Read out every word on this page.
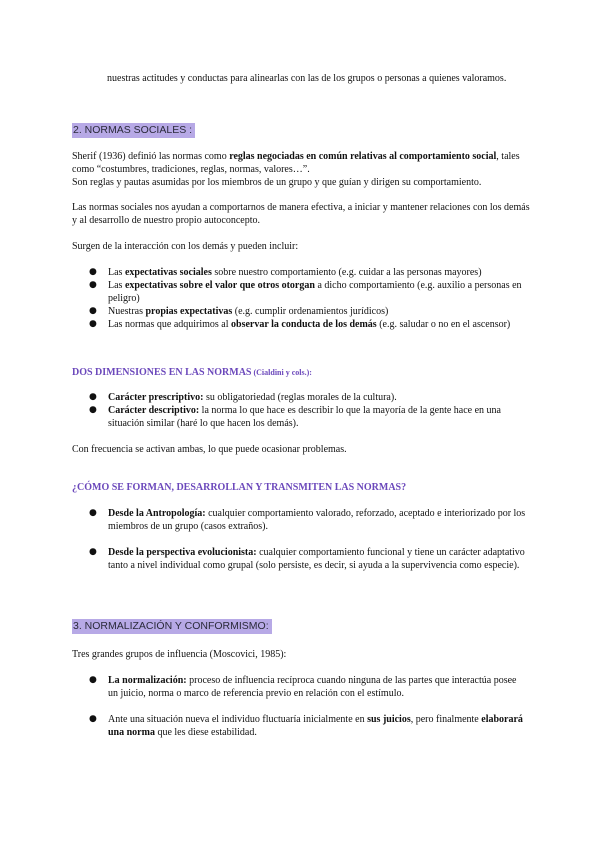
nuestras actitudes y conductas para alinearlas con las de los grupos o personas a quienes valoramos.

2. NORMAS SOCIALES :

Sherif (1936) definió las normas como reglas negociadas en común relativas al comportamiento social, tales como “costumbres, tradiciones, reglas, normas, valores…”.
Son reglas y pautas asumidas por los miembros de un grupo y que guían y dirigen su comportamiento.

Las normas sociales nos ayudan a comportarnos de manera efectiva, a iniciar y mantener relaciones con los demás y al desarrollo de nuestro propio autoconcepto.

Surgen de la interacción con los demás y pueden incluir:

● Las expectativas sociales sobre nuestro comportamiento (e.g. cuidar a las personas mayores)
● Las expectativas sobre el valor que otros otorgan a dicho comportamiento (e.g. auxilio a personas en peligro)
● Nuestras propias expectativas (e.g. cumplir ordenamientos jurídicos)
● Las normas que adquirimos al observar la conducta de los demás (e.g. saludar o no en el ascensor)

DOS DIMENSIONES EN LAS NORMAS (Cialdini y cols.):

● Carácter prescriptivo: su obligatoriedad (reglas morales de la cultura).
● Carácter descriptivo: la norma lo que hace es describir lo que la mayoría de la gente hace en una situación similar (haré lo que hacen los demás).

Con frecuencia se activan ambas, lo que puede ocasionar problemas.

¿CÓMO SE FORMAN, DESARROLLAN Y TRANSMITEN LAS NORMAS?

● Desde la Antropología: cualquier comportamiento valorado, reforzado, aceptado e interiorizado por los miembros de un grupo (casos extraños).
● Desde la perspectiva evolucionista: cualquier comportamiento funcional y tiene un carácter adaptativo tanto a nivel individual como grupal (solo persiste, es decir, si ayuda a la supervivencia como especie).

3. NORMALIZACIÓN Y CONFORMISMO:

Tres grandes grupos de influencia (Moscovici, 1985):

● La normalización: proceso de influencia recíproca cuando ninguna de las partes que interactúa posee un juicio, norma o marco de referencia previo en relación con el estímulo.
● Ante una situación nueva el individuo fluctuaría inicialmente en sus juicios, pero finalmente elaborará una norma que les diese estabilidad.
